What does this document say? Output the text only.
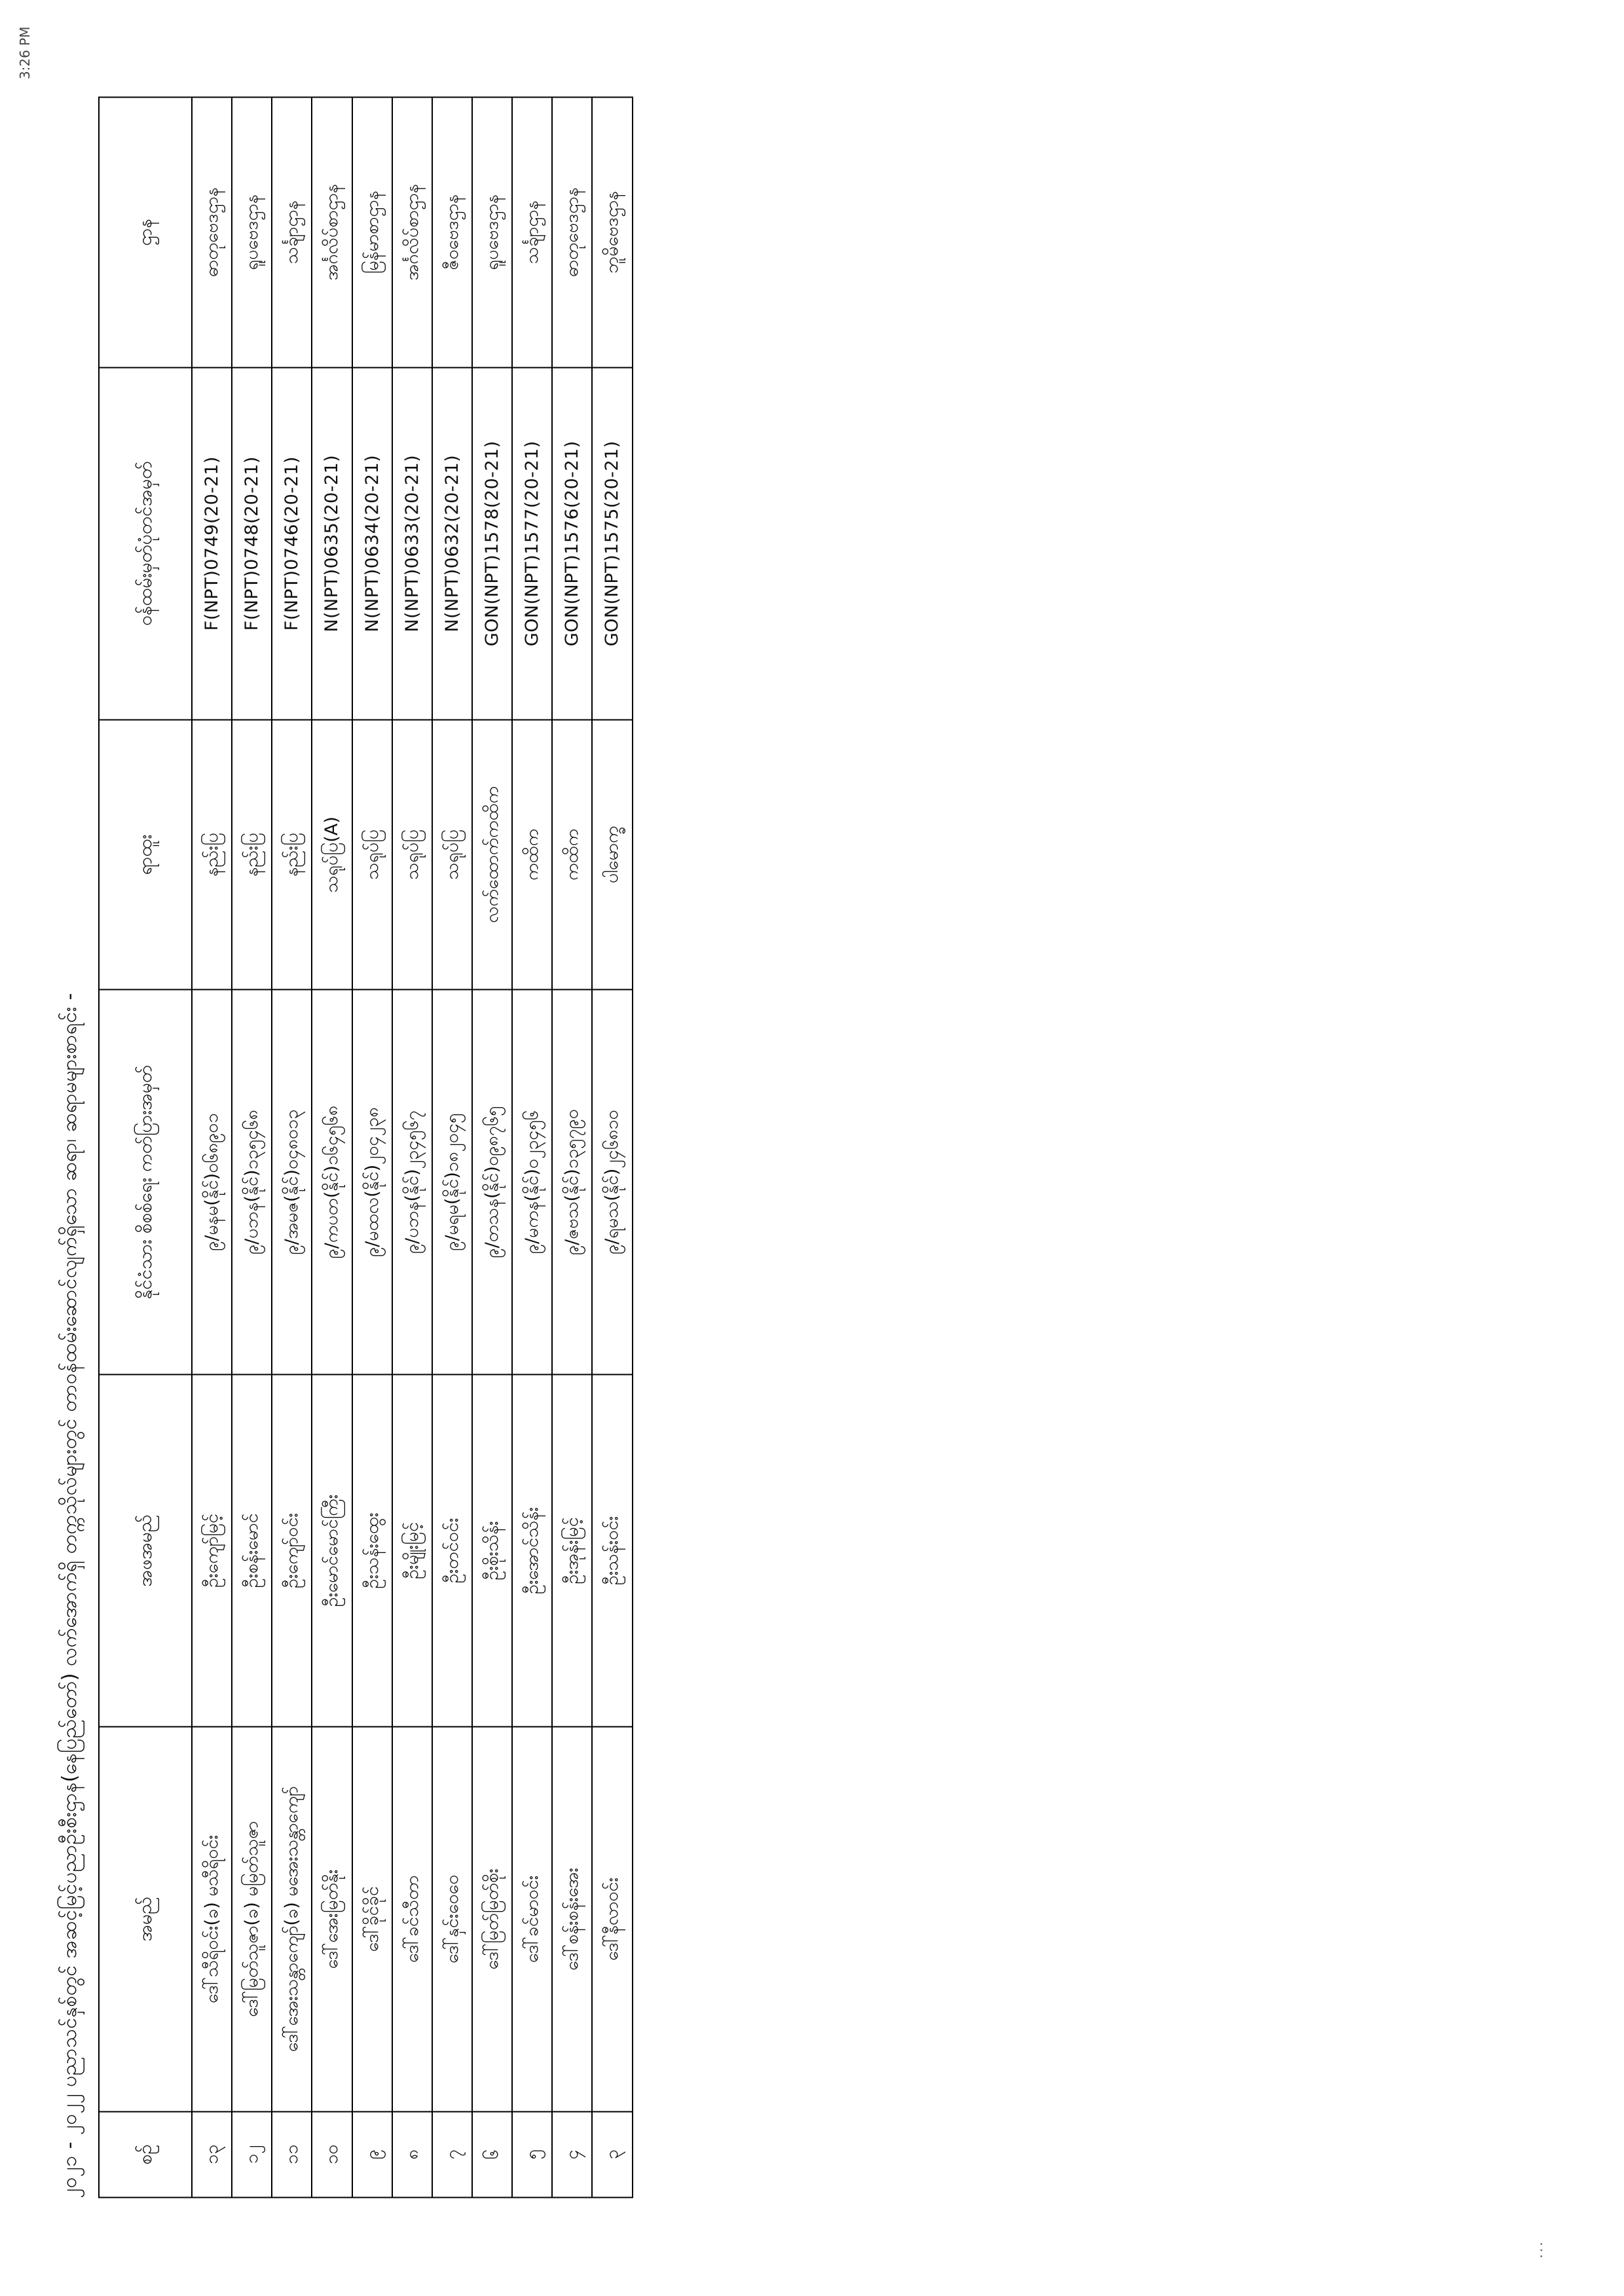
3:26 PM
...
၂၀၂၁ - ၂၀၂၂ ပညာသင်နှစ်တွင် အဆင့်မြင့်ပညာဦးစီးဌာန(နေပြည်တော်) လက်အောက်ရှိ တက္ကသိုလ်များတွင် တာဝန်ထမ်းဆောင်လျက်ရှိသော ဆရာ၊ ဆရာမများစာရင်း -	စဉ်	အမည်	အဖအမည်	နိုင်ငံသား စိစစ်ရေး ကတ်ပြားအမှတ်	ရာထူး	ဝန်ထမ်းမှတ်ပုံတင်အမှတ်	ဌာန
၁၃	ဒေါ်သီရိဝင်း(ခ) မသီရိဝင်း	ဦးကျော်မြင့်	၉/မနမ(နိုင်)၀၆၈၉၀၁	နည်းပြ	F(NPT)0749(20-21)	ဓာတုဗေဒဌာန
၁၂	ဒေါ်မြတ်သူဇာ(ခ) မမြတ်သူဇာ	ဦးစန်းမောင်	၉/ပဘန(နိုင်)၁၃၅၄၆၈	နည်းပြ	F(NPT)0748(20-21)	ရူပဗေဒဌာန
၁၁	ဒေါ်အေးသန္တာကျော်(ခ) မအေးသန္တာကျော်	ဦးကျော်ဝင်း	၉/အမဇ(နိုင်)၀၄၈၀၁၃	နည်းပြ	F(NPT)0746(20-21)	သင်္ချာဌာန
၁၀	ဒေါ်အေးမြတ်နိုး	ဦးမောင်မောင်ကြီး	၉/ကပတ(နိုင်)၁၆၄၅၆၈	သရုပ်ပြ(A)	N(NPT)0635(20-21)	အင်္ဂလိပ်စာဌာန
၉	ဒေါ်ခိုင်ခိုင်	ဦးသန်းထွေး	၉/မထလ(နိုင်)၂၀၄၂၃၈	သရုပ်ပြ	N(NPT)0634(20-21)	မြန်မာစာဌာန
၈	ဒေါ်ခင်သီတာ	ဦးမျိုးမြင့်	၉/ပဘန(နိုင်)၂၃၄၅၆၇	သရုပ်ပြ	N(NPT)0633(20-21)	အင်္ဂလိပ်စာဌာန
၇	ဒေါ်နှင်းဝေဝေ	ဦးတင်ဝင်း	၉/မရမ(နိုင်)၁၈၂၀၄၅	သရုပ်ပြ	N(NPT)0632(20-21)	ဇီဝဗေဒဌာန
၆	ဒေါ်မြတ်မြတ်စိုး	ဦးစိုးသိန်း	၉/တသန(နိုင်)၀၉၈၇၆၅	လက်ထောက်ကထိက	GON(NPT)1578(20-21)	ရူပဗေဒဌာန
၅	ဒေါ်ခင်မာဝင်း	ဦးအောင်သိန်း	၉/မကန(နိုင်)၀၂၃၄၅၆	ကထိက	GON(NPT)1577(20-21)	သင်္ချာဌာန
၄	ဒေါ်စန်းစန်းအေး	ဦးအုန်းမြင့်	၉/ဇဗသ(နိုင်)၁၃၅၇၉၀	ကထိက	GON(NPT)1576(20-21)	ဓာတုဗေဒဌာန
၃	ဒေါ်နီလာဝင်း	ဦးသန်းဝင်း	၉/ရမသ(နိုင်)၂၄၆၈၁၀	ပါမောက္ခ	GON(NPT)1575(20-21)	ဘူမိဗေဒဌာန
